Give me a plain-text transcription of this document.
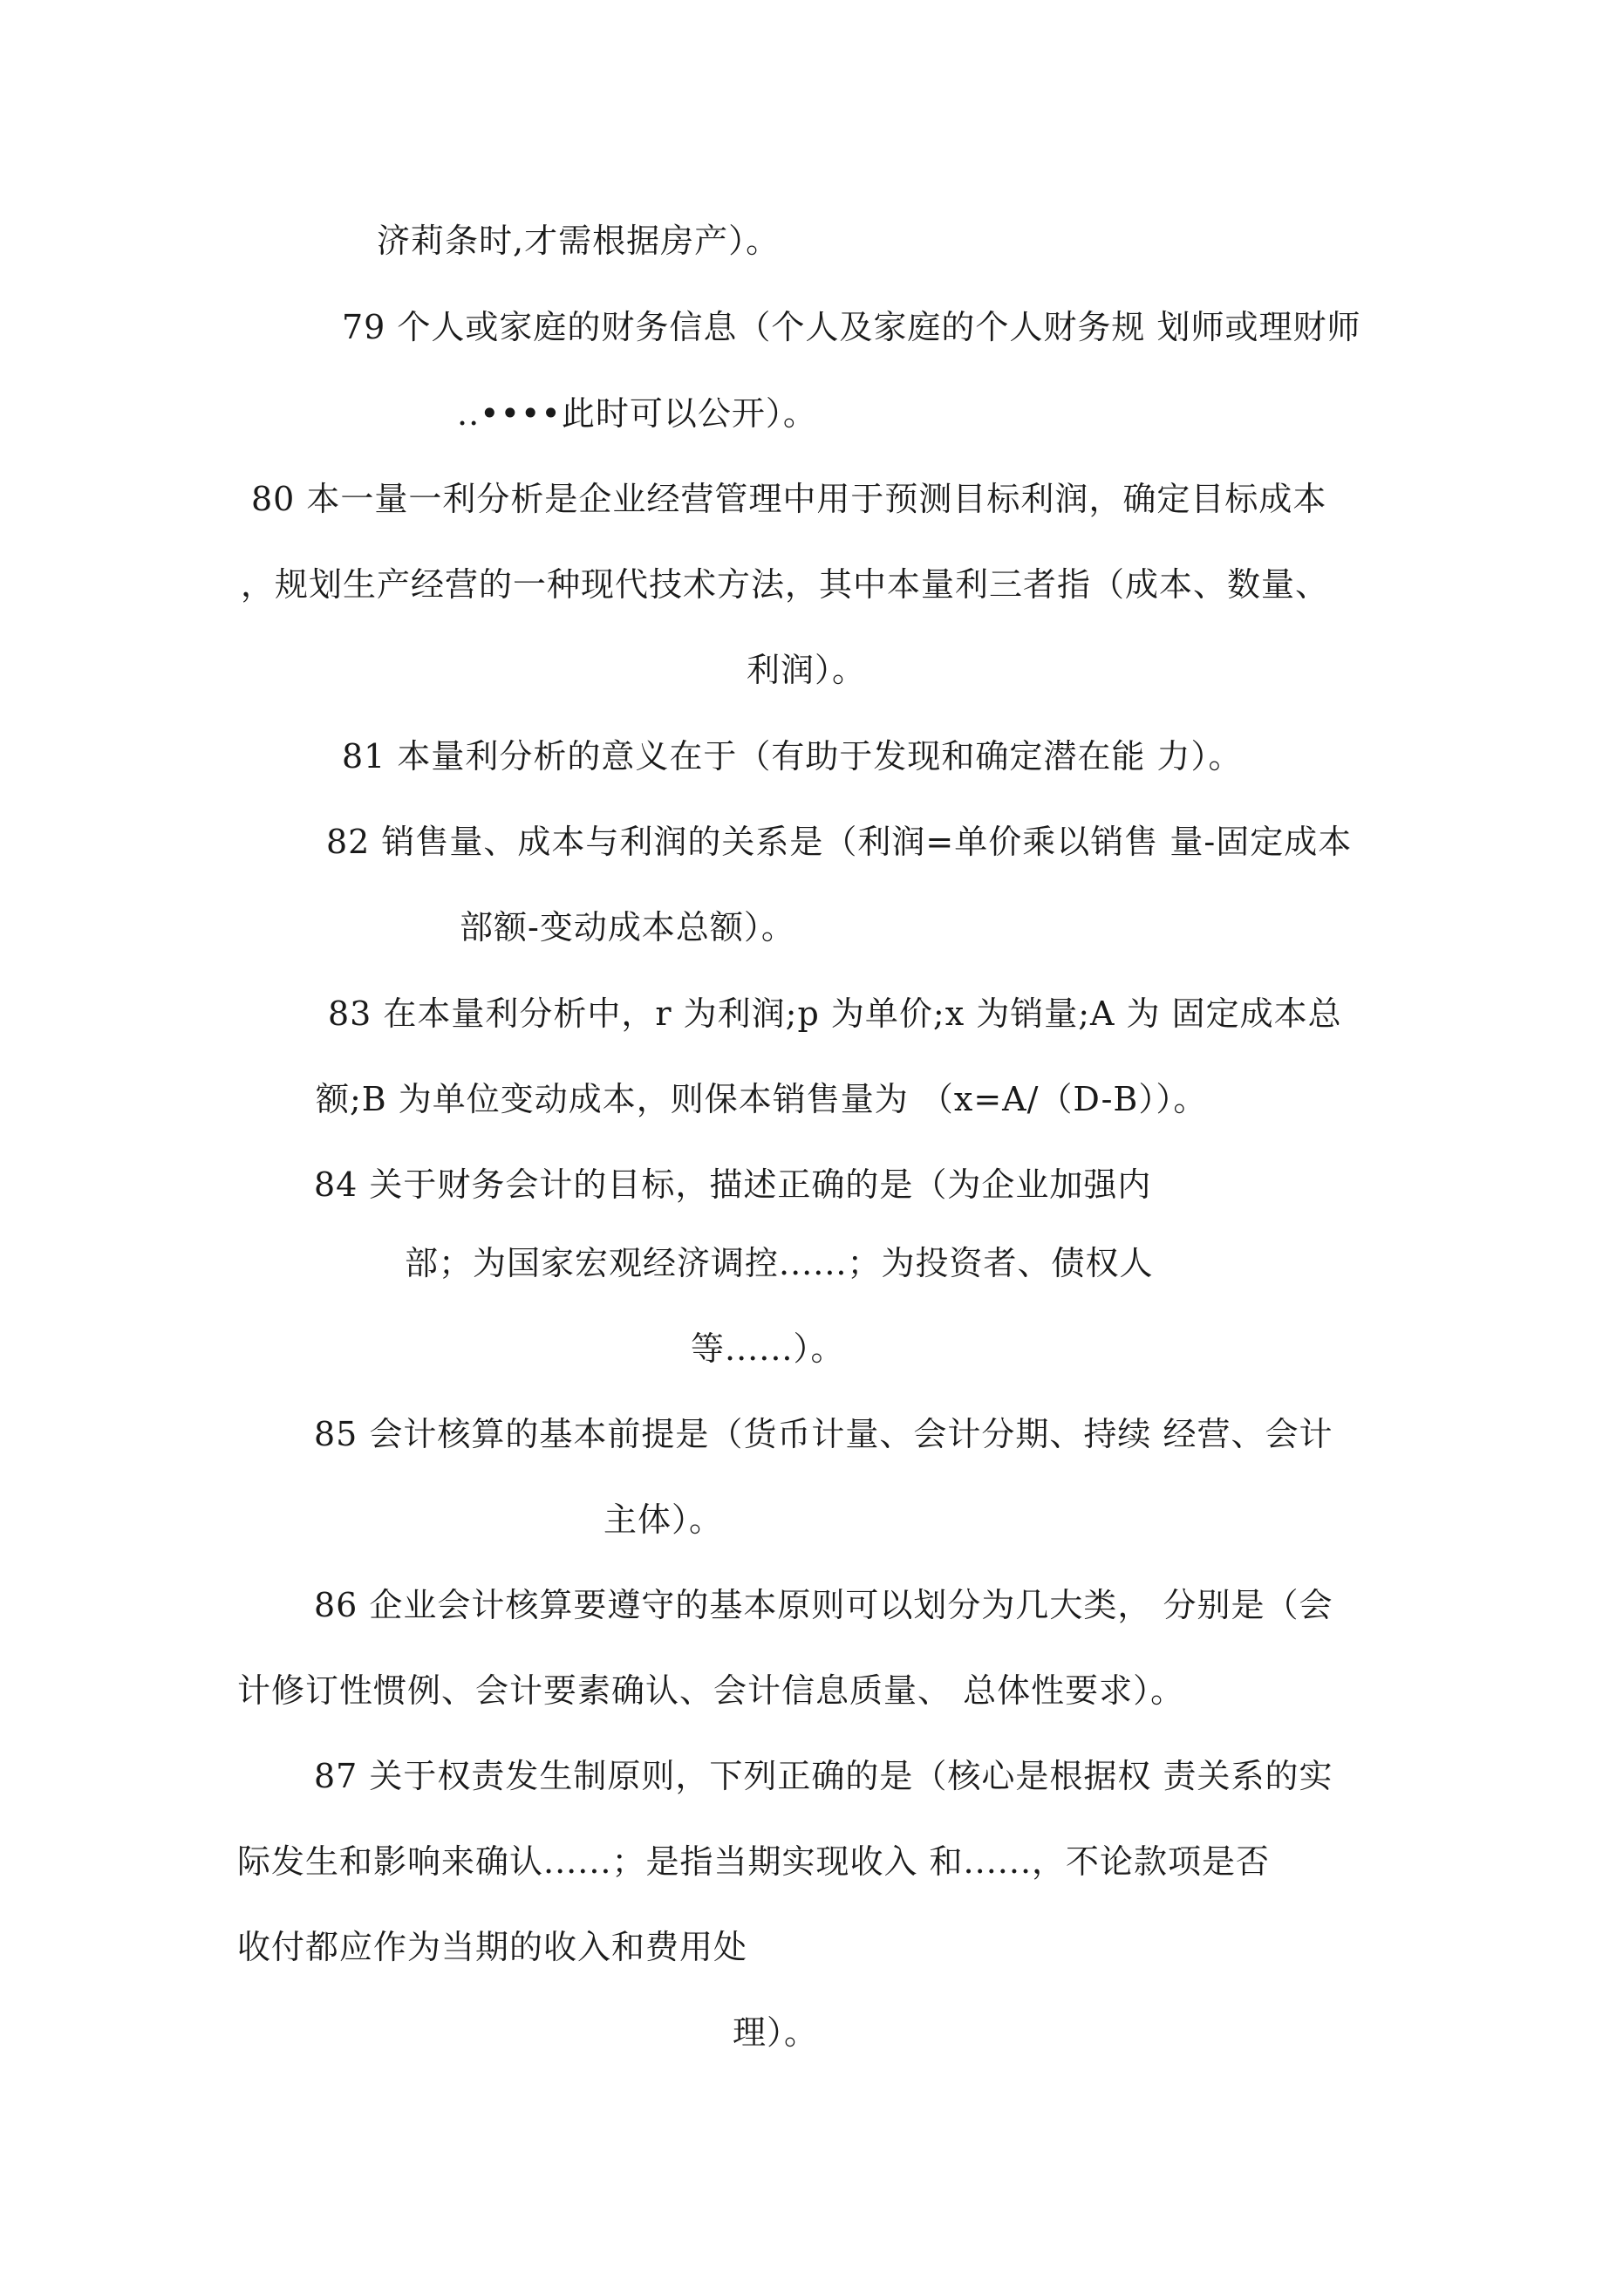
济莉条时,才需根据房产）。
79 个人或家庭的财务信息（个人及家庭的个人财务规 划师或理财师
..••••此时可以公开）。
80 本一量一利分析是企业经营管理中用于预测目标利润，确定目标成本
，规划生产经营的一种现代技术方法，其中本量利三者指（成本、数量、
利润）。
81 本量利分析的意义在于（有助于发现和确定潜在能 力）。
82 销售量、成本与利润的关系是（利润=单价乘以销售 量-固定成本
部额-变动成本总额）。
83 在本量利分析中，r 为利润;p 为单价;x 为销量;A 为 固定成本总
额;B 为单位变动成本，则保本销售量为 （x=A/（D-B））。
84 关于财务会计的目标，描述正确的是（为企业加强内
部；为国家宏观经济调控......；为投资者、债权人
等......）。
85 会计核算的基本前提是（货币计量、会计分期、持续 经营、会计
主体）。
86 企业会计核算要遵守的基本原则可以划分为几大类， 分别是（会
计修订性惯例、会计要素确认、会计信息质量、 总体性要求）。
87 关于权责发生制原则，下列正确的是（核心是根据权 责关系的实
际发生和影响来确认......；是指当期实现收入 和......，不论款项是否
收付都应作为当期的收入和费用处
理）。
